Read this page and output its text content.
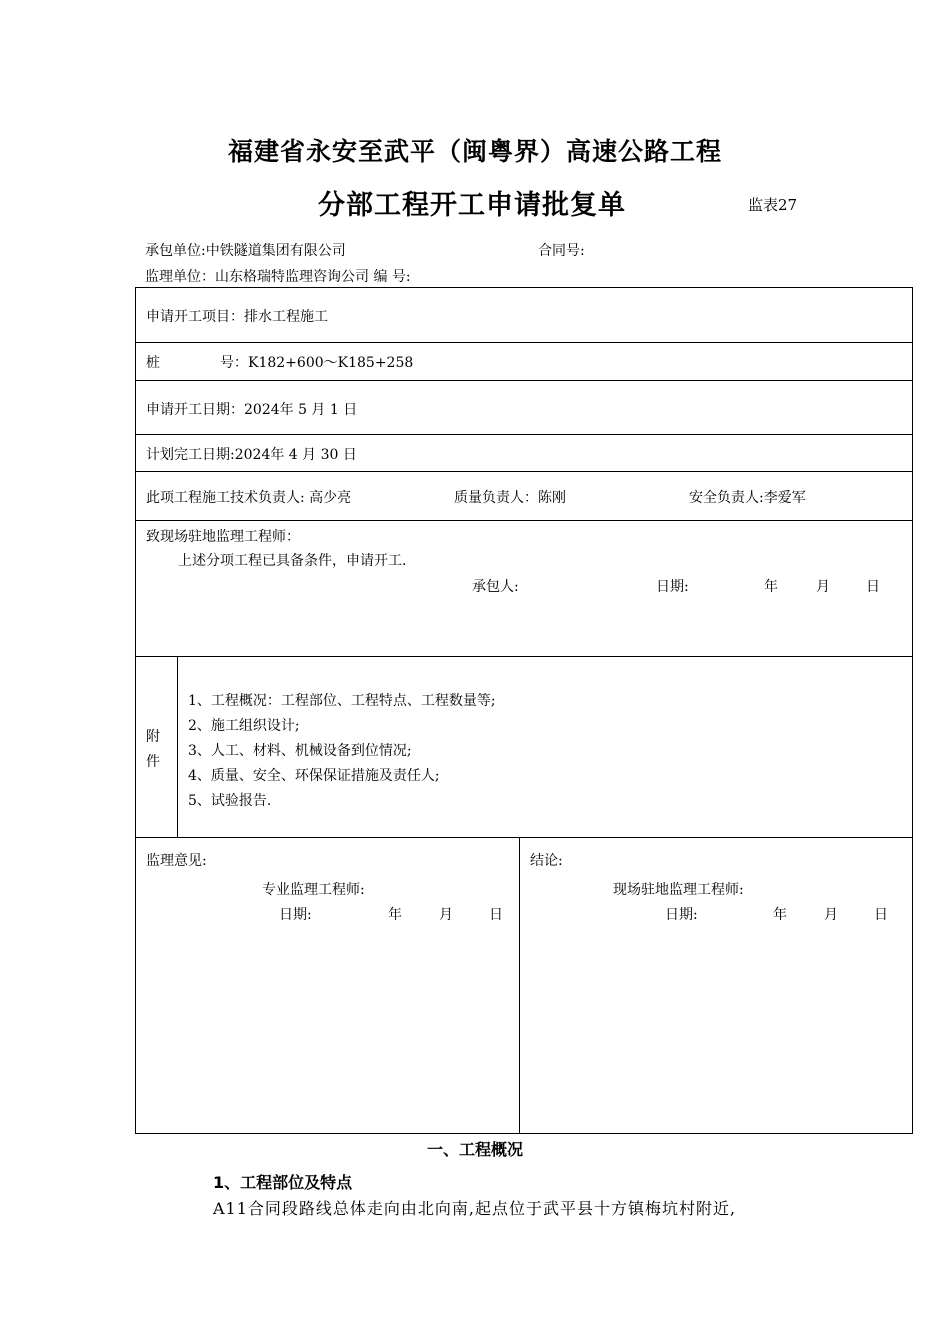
福建省永安至武平（闽粤界）高速公路工程
分部工程开工申请批复单	监表27
承包单位:中铁隧道集团有限公司	合同号:
监理单位：山东格瑞特监理咨询公司 编 号:
申请开工项目：排水工程施工
桩	号：K182+600～K185+258
申请开工日期：2024年 5 月 1 日
计划完工日期:2024年 4 月 30 日
此项工程施工技术负责人: 高少亮	质量负责人：陈刚	安全负责人:李爱军
致现场驻地监理工程师：
上述分项工程已具备条件，申请开工.
承包人:	日期:	年	月	日
附
件
1、工程概况：工程部位、工程特点、工程数量等;
2、施工组织设计;
3、人工、材料、机械设备到位情况;
4、质量、安全、环保保证措施及责任人;
5、试验报告.
监理意见:
专业监理工程师:
日期:	年	月	日
结论:
现场驻地监理工程师:
日期:	年	月	日
一、工程概况
1、工程部位及特点
A11合同段路线总体走向由北向南,起点位于武平县十方镇梅坑村附近,
